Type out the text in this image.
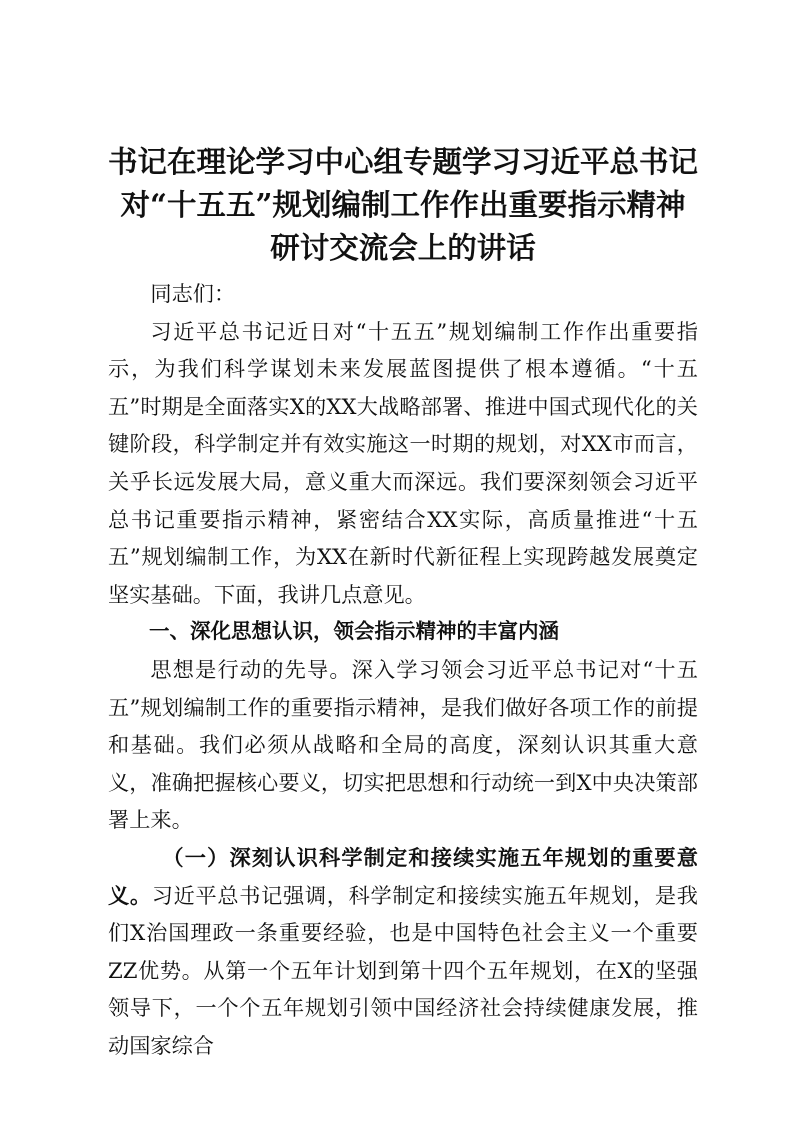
书记在理论学习中心组专题学习习近平总书记
对“十五五”规划编制工作作出重要指示精神
研讨交流会上的讲话

同志们：

习近平总书记近日对“十五五”规划编制工作作出重要指示，为我们科学谋划未来发展蓝图提供了根本遵循。“十五五”时期是全面落实X的XX大战略部署、推进中国式现代化的关键阶段，科学制定并有效实施这一时期的规划，对XX市而言，关乎长远发展大局，意义重大而深远。我们要深刻领会习近平总书记重要指示精神，紧密结合XX实际，高质量推进“十五五”规划编制工作，为XX在新时代新征程上实现跨越发展奠定坚实基础。下面，我讲几点意见。

一、深化思想认识，领会指示精神的丰富内涵

思想是行动的先导。深入学习领会习近平总书记对“十五五”规划编制工作的重要指示精神，是我们做好各项工作的前提和基础。我们必须从战略和全局的高度，深刻认识其重大意义，准确把握核心要义，切实把思想和行动统一到X中央决策部署上来。

（一）深刻认识科学制定和接续实施五年规划的重要意义。习近平总书记强调，科学制定和接续实施五年规划，是我们X治国理政一条重要经验，也是中国特色社会主义一个重要ZZ优势。从第一个五年计划到第十四个五年规划，在X的坚强领导下，一个个五年规划引领中国经济社会持续健康发展，推动国家综合
